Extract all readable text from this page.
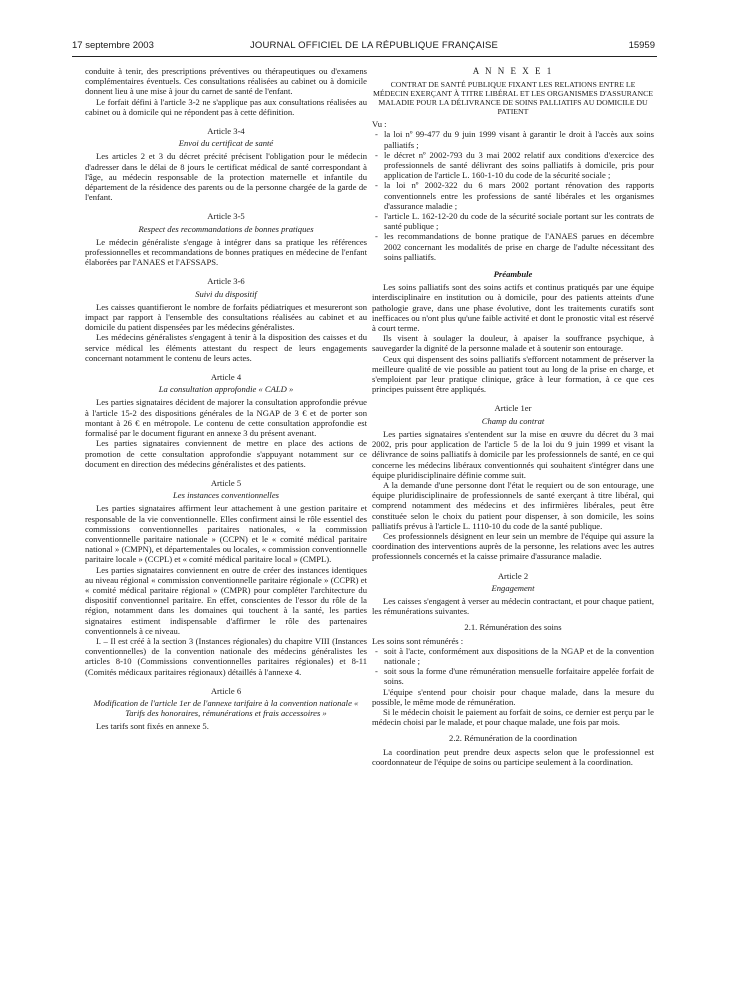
17 septembre 2003	JOURNAL OFFICIEL DE LA RÉPUBLIQUE FRANÇAISE	15959

conduite à tenir, des prescriptions préventives ou thérapeutiques ou d'examens complémentaires éventuels. Ces consultations réalisées au cabinet ou à domicile donnent lieu à une mise à jour du carnet de santé de l'enfant.

Le forfait défini à l'article 3-2 ne s'applique pas aux consultations réalisées au cabinet ou à domicile qui ne répondent pas à cette définition.

Article 3-4
Envoi du certificat de santé

Les articles 2 et 3 du décret précité précisent l'obligation pour le médecin d'adresser dans le délai de 8 jours le certificat médical de santé correspondant à l'âge, au médecin responsable de la protection maternelle et infantile du département de la résidence des parents ou de la personne chargée de la garde de l'enfant.

Article 3-5
Respect des recommandations de bonnes pratiques

Le médecin généraliste s'engage à intégrer dans sa pratique les références professionnelles et recommandations de bonnes pratiques en médecine de l'enfant élaborées par l'ANAES et l'AFSSAPS.

Article 3-6
Suivi du dispositif

Les caisses quantifieront le nombre de forfaits pédiatriques et mesureront son impact par rapport à l'ensemble des consultations réalisées au cabinet et au domicile du patient dispensées par les médecins généralistes.

Les médecins généralistes s'engagent à tenir à la disposition des caisses et du service médical les éléments attestant du respect de leurs engagements concernant notamment le contenu de leurs actes.

Article 4
La consultation approfondie « CALD »

Les parties signataires décident de majorer la consultation approfondie prévue à l'article 15-2 des dispositions générales de la NGAP de 3 € et de porter son montant à 26 € en métropole. Le contenu de cette consultation approfondie est formalisé par le document figurant en annexe 3 du présent avenant.

Les parties signataires conviennent de mettre en place des actions de promotion de cette consultation approfondie s'appuyant notamment sur ce document en direction des médecins généralistes et des patients.

Article 5
Les instances conventionnelles

Les parties signataires affirment leur attachement à une gestion paritaire et responsable de la vie conventionnelle. Elles confirment ainsi le rôle essentiel des commissions conventionnelles paritaires nationales, « la commission conventionnelle paritaire nationale » (CCPN) et le « comité médical paritaire national » (CMPN), et départementales ou locales, « commission conventionnelle paritaire locale » (CCPL) et « comité médical paritaire local » (CMPL).

Les parties signataires conviennent en outre de créer des instances identiques au niveau régional « commission conventionnelle paritaire régionale » (CCPR) et « comité médical paritaire régional » (CMPR) pour compléter l'architecture du dispositif conventionnel paritaire. En effet, conscientes de l'essor du rôle de la région, notamment dans les domaines qui touchent à la santé, les parties signataires estiment indispensable d'affirmer le rôle des partenaires conventionnels à ce niveau.

I. – Il est créé à la section 3 (Instances régionales) du chapitre VIII (Instances conventionnelles) de la convention nationale des médecins généralistes les articles 8-10 (Commissions conventionnelles paritaires régionales) et 8-11 (Comités médicaux paritaires régionaux) détaillés à l'annexe 4.

Article 6
Modification de l'article 1er de l'annexe tarifaire à la convention nationale « Tarifs des honoraires, rémunérations et frais accessoires »

Les tarifs sont fixés en annexe 5.

A N N E X E 1
CONTRAT DE SANTÉ PUBLIQUE FIXANT LES RELATIONS ENTRE LE MÉDECIN EXERÇANT À TITRE LIBÉRAL ET LES ORGANISMES D'ASSURANCE MALADIE POUR LA DÉLIVRANCE DE SOINS PALLIATIFS AU DOMICILE DU PATIENT

Vu :

- la loi nº 99-477 du 9 juin 1999 visant à garantir le droit à l'accès aux soins palliatifs ;
- le décret nº 2002-793 du 3 mai 2002 relatif aux conditions d'exercice des professionnels de santé délivrant des soins palliatifs à domicile, pris pour application de l'article L. 160-1-10 du code de la sécurité sociale ;
- la loi nº 2002-322 du 6 mars 2002 portant rénovation des rapports conventionnels entre les professions de santé libérales et les organismes d'assurance maladie ;
- l'article L. 162-12-20 du code de la sécurité sociale portant sur les contrats de santé publique ;
- les recommandations de bonne pratique de l'ANAES parues en décembre 2002 concernant les modalités de prise en charge de l'adulte nécessitant des soins palliatifs.
Préambule

Les soins palliatifs sont des soins actifs et continus pratiqués par une équipe interdisciplinaire en institution ou à domicile, pour des patients atteints d'une pathologie grave, dans une phase évolutive, dont les traitements curatifs sont inefficaces ou n'ont plus qu'une faible activité et dont le pronostic vital est réservé à court terme.

Ils visent à soulager la douleur, à apaiser la souffrance psychique, à sauvegarder la dignité de la personne malade et à soutenir son entourage.

Ceux qui dispensent des soins palliatifs s'efforcent notamment de préserver la meilleure qualité de vie possible au patient tout au long de la prise en charge, et s'emploient par leur pratique clinique, grâce à leur formation, à ce que ces principes puissent être appliqués.

Article 1er
Champ du contrat

Les parties signataires s'entendent sur la mise en œuvre du décret du 3 mai 2002, pris pour application de l'article 5 de la loi du 9 juin 1999 et visant la délivrance de soins palliatifs à domicile par les professionnels de santé, en ce qui concerne les médecins libéraux conventionnés qui souhaitent s'intégrer dans une équipe pluridisciplinaire définie comme suit.

A la demande d'une personne dont l'état le requiert ou de son entourage, une équipe pluridisciplinaire de professionnels de santé exerçant à titre libéral, qui comprend notamment des médecins et des infirmières libérales, peut être constituée selon le choix du patient pour dispenser, à son domicile, les soins palliatifs prévus à l'article L. 1110-10 du code de la santé publique.

Ces professionnels désignent en leur sein un membre de l'équipe qui assure la coordination des interventions auprès de la personne, les relations avec les autres professionnels concernés et la caisse primaire d'assurance maladie.

Article 2
Engagement

Les caisses s'engagent à verser au médecin contractant, et pour chaque patient, les rémunérations suivantes.

2.1. Rémunération des soins

Les soins sont rémunérés :

- soit à l'acte, conformément aux dispositions de la NGAP et de la convention nationale ;
- soit sous la forme d'une rémunération mensuelle forfaitaire appelée forfait de soins.

L'équipe s'entend pour choisir pour chaque malade, dans la mesure du possible, le même mode de rémunération.

Si le médecin choisit le paiement au forfait de soins, ce dernier est perçu par le médecin choisi par le malade, et pour chaque malade, une fois par mois.

2.2. Rémunération de la coordination

La coordination peut prendre deux aspects selon que le professionnel est coordonnateur de l'équipe de soins ou participe seulement à la coordination.
